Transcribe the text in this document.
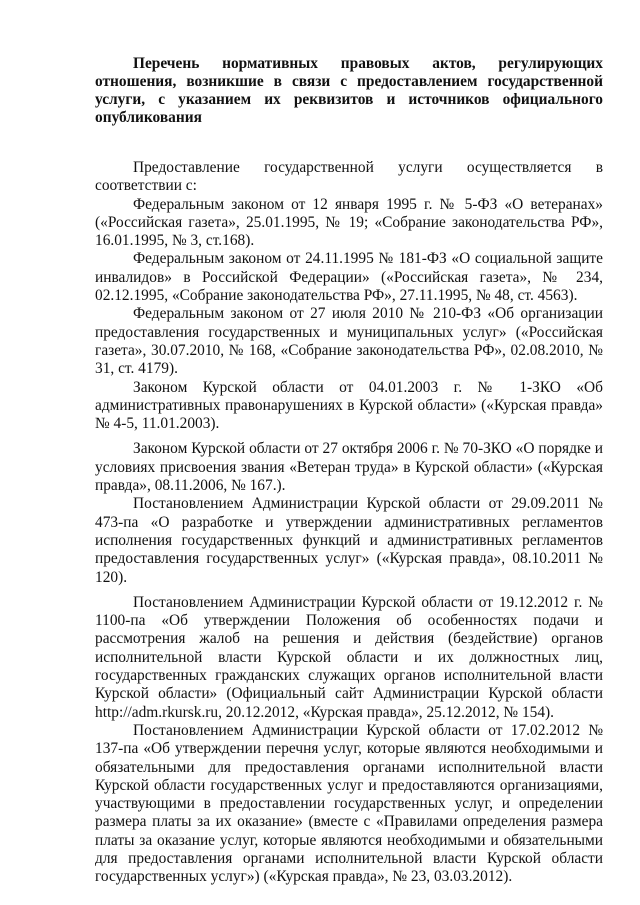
Перечень нормативных правовых актов, регулирующих отношения, возникшие в связи с предоставлением государственной услуги, с указанием их реквизитов и источников официального опубликования

Предоставление государственной услуги осуществляется в соответствии с:

Федеральным законом от 12 января 1995 г. № 5-ФЗ «О ветеранах» («Российская газета», 25.01.1995, № 19; «Собрание законодательства РФ», 16.01.1995, № 3, ст.168).

Федеральным законом от 24.11.1995 № 181-ФЗ «О социальной защите инвалидов» в Российской Федерации» («Российская газета», № 234, 02.12.1995, «Собрание законодательства РФ», 27.11.1995, № 48, ст. 4563).

Федеральным законом от 27 июля 2010 № 210-ФЗ «Об организации предоставления государственных и муниципальных услуг» («Российская газета», 30.07.2010, № 168, «Собрание законодательства РФ», 02.08.2010, № 31, ст. 4179).

Законом Курской области от 04.01.2003 г. № 1-ЗКО «Об административных правонарушениях в Курской области» («Курская правда» № 4-5, 11.01.2003).

Законом Курской области от 27 октября 2006 г. № 70-ЗКО «О порядке и условиях присвоения звания «Ветеран труда» в Курской области» («Курская правда», 08.11.2006, № 167.).

Постановлением Администрации Курской области от 29.09.2011 № 473-па «О разработке и утверждении административных регламентов исполнения государственных функций и административных регламентов предоставления государственных услуг» («Курская правда», 08.10.2011 № 120).

Постановлением Администрации Курской области от 19.12.2012 г. № 1100-па «Об утверждении Положения об особенностях подачи и рассмотрения жалоб на решения и действия (бездействие) органов исполнительной власти Курской области и их должностных лиц, государственных гражданских служащих органов исполнительной власти Курской области» (Официальный сайт Администрации Курской области http://adm.rkursk.ru, 20.12.2012, «Курская правда», 25.12.2012, № 154).

Постановлением Администрации Курской области от 17.02.2012 № 137-па «Об утверждении перечня услуг, которые являются необходимыми и обязательными для предоставления органами исполнительной власти Курской области государственных услуг и предоставляются организациями, участвующими в предоставлении государственных услуг, и определении размера платы за их оказание» (вместе с «Правилами определения размера платы за оказание услуг, которые являются необходимыми и обязательными для предоставления органами исполнительной власти Курской области государственных услуг») («Курская правда», № 23, 03.03.2012).
